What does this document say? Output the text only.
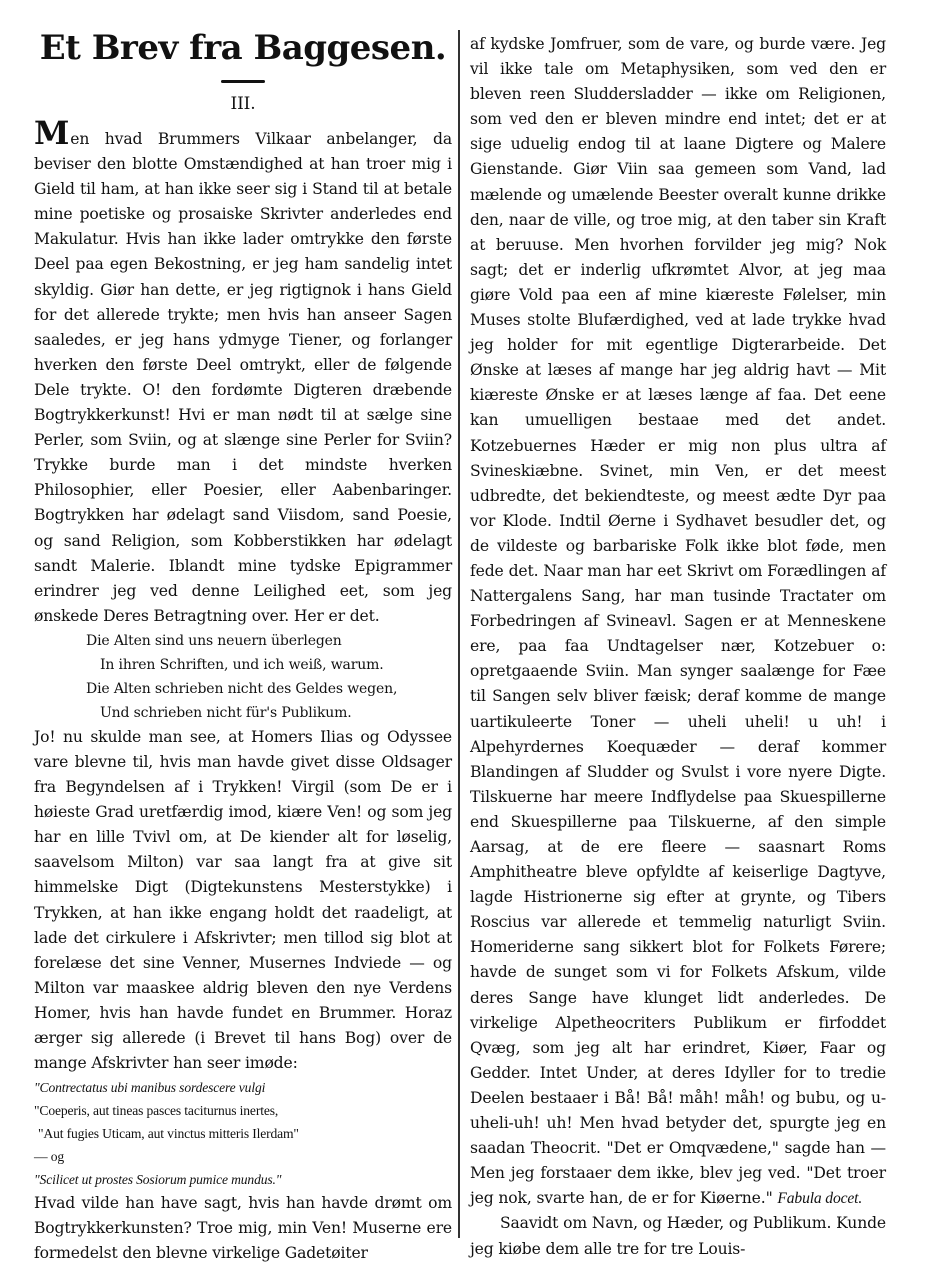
Et Brev fra Baggesen.
III.

Men hvad Brummers Vilkaar anbelanger, da beviser den blotte Omstændighed at han troer mig i Gield til ham, at han ikke seer sig i Stand til at betale mine poetiske og prosaiske Skrivter anderledes end Makulatur. Hvis han ikke lader omtrykke den første Deel paa egen Bekostning, er jeg ham sandelig intet skyldig. Giør han dette, er jeg rigtignok i hans Gield for det allerede trykte; men hvis han anseer Sagen saaledes, er jeg hans ydmyge Tiener, og forlanger hverken den første Deel omtrykt, eller de følgende Dele trykte. O! den fordømte Digteren dræbende Bogtrykkerkunst! Hvi er man nødt til at sælge sine Perler, som Sviin, og at slænge sine Perler for Sviin? Trykke burde man i det mindste hverken Philosophier, eller Poesier, eller Aabenbaringer. Bogtrykken har ødelagt sand Viisdom, sand Poesie, og sand Religion, som Kobberstikken har ødelagt sandt Malerie. Iblandt mine tydske Epigrammer erindrer jeg ved denne Leilighed eet, som jeg ønskede Deres Betragtning over. Her er det.

Die Alten sind uns neuern überlegen
In ihren Schriften, und ich weiß, warum.
Die Alten schrieben nicht des Geldes wegen,
Und schrieben nicht für's Publikum.

Jo! nu skulde man see, at Homers Ilias og Odyssee vare blevne til, hvis man havde givet disse Oldsager fra Begyndelsen af i Trykken! Virgil (som De er i høieste Grad uretfærdig imod, kiære Ven! og som jeg har en lille Tvivl om, at De kiender alt for løselig, saavelsom Milton) var saa langt fra at give sit himmelske Digt (Digtekunstens Mesterstykke) i Trykken, at han ikke engang holdt det raadeligt, at lade det cirkulere i Afskrivter; men tillod sig blot at forelæse det sine Venner, Musernes Indviede — og Milton var maaskee aldrig bleven den nye Verdens Homer, hvis han havde fundet en Brummer. Horaz ærger sig allerede (i Brevet til hans Bog) over de mange Afskrivter han seer imøde:

"Contrectatus ubi manibus sordescere vulgi
"Coeperis, aut tineas pasces taciturnus inertes,
"Aut fugies Uticam, aut vinctus mitteris Ilerdam"
— og
"Scilicet ut prostes Sosiorum pumice mundus."

Hvad vilde han have sagt, hvis han havde drømt om Bogtrykkerkunsten? Troe mig, min Ven! Muserne ere formedelst den blevne virkelige Gadetøiter

af kydske Jomfruer, som de vare, og burde være. Jeg vil ikke tale om Metaphysiken, som ved den er bleven reen Sluddersladder — ikke om Religionen, som ved den er bleven mindre end intet; det er at sige uduelig endog til at laane Digtere og Malere Gienstande. Giør Viin saa gemeen som Vand, lad mælende og umælende Beester overalt kunne drikke den, naar de ville, og troe mig, at den taber sin Kraft at beruuse. Men hvorhen forvilder jeg mig? Nok sagt; det er inderlig ufkrømtet Alvor, at jeg maa giøre Vold paa een af mine kiæreste Følelser, min Muses stolte Blufærdighed, ved at lade trykke hvad jeg holder for mit egentlige Digterarbeide. Det Ønske at læses af mange har jeg aldrig havt — Mit kiæreste Ønske er at læses længe af faa. Det eene kan umuelligen bestaae med det andet. Kotzebuernes Hæder er mig non plus ultra af Svineskiæbne. Svinet, min Ven, er det meest udbredte, det bekiendteste, og meest ædte Dyr paa vor Klode. Indtil Øerne i Sydhavet besudler det, og de vildeste og barbariske Folk ikke blot føde, men fede det. Naar man har eet Skrivt om Forædlingen af Nattergalens Sang, har man tusinde Tractater om Forbedringen af Svineavl. Sagen er at Menneskene ere, paa faa Undtagelser nær, Kotzebuer o: opretgaaende Sviin. Man synger saalænge for Fæe til Sangen selv bliver fæisk; deraf komme de mange uartikuleerte Toner — uheli uheli! u uh! i Alpehyrdernes Koequæder — deraf kommer Blandingen af Sludder og Svulst i vore nyere Digte. Tilskuerne har meere Indflydelse paa Skuespillerne end Skuespillerne paa Tilskuerne, af den simple Aarsag, at de ere fleere — saasnart Roms Amphitheatre bleve opfyldte af keiserlige Dagtyve, lagde Histrionerne sig efter at grynte, og Tibers Roscius var allerede et temmelig naturligt Sviin. Homeriderne sang sikkert blot for Folkets Førere; havde de sunget som vi for Folkets Afskum, vilde deres Sange have klunget lidt anderledes. De virkelige Alpetheocriters Publikum er firfoddet Qvæg, som jeg alt har erindret, Kiøer, Faar og Gedder. Intet Under, at deres Idyller for to tredie Deelen bestaaer i Bå! Bå! måh! måh! og bubu, og u-uheli-uh! uh! Men hvad betyder det, spurgte jeg en saadan Theocrit. "Det er Omqvædene," sagde han — Men jeg forstaaer dem ikke, blev jeg ved. "Det troer jeg nok, svarte han, de er for Kiøerne." Fabula docet.

Saavidt om Navn, og Hæder, og Publikum. Kunde jeg kiøbe dem alle tre for tre Louis-
